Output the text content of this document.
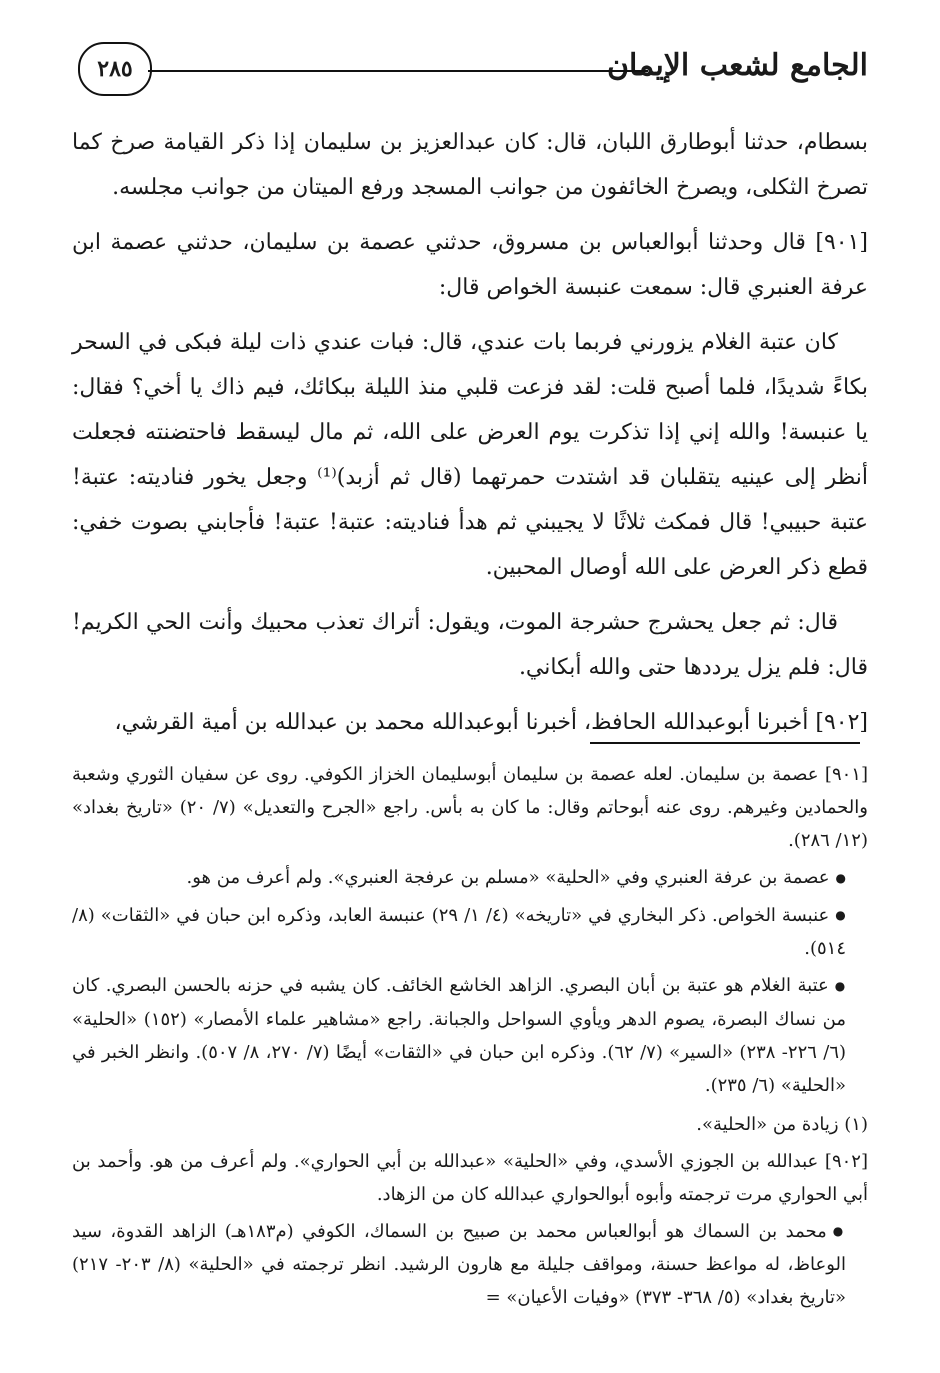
الجامع لشعب الإيمان
٢٨٥

بسطام، حدثنا أبوطارق اللبان، قال: كان عبدالعزيز بن سليمان إذا ذكر القيامة صرخ كما تصرخ الثكلى، ويصرخ الخائفون من جوانب المسجد ورفع الميتان من جوانب مجلسه.

[٩٠١] قال وحدثنا أبوالعباس بن مسروق، حدثني عصمة بن سليمان، حدثني عصمة ابن عرفة العنبري قال: سمعت عنبسة الخواص قال:

كان عتبة الغلام يزورني فربما بات عندي، قال: فبات عندي ذات ليلة فبكى في السحر بكاءً شديدًا، فلما أصبح قلت: لقد فزعت قلبي منذ الليلة ببكائك، فيم ذاك يا أخي؟ فقال: يا عنبسة! والله إني إذا تذكرت يوم العرض على الله، ثم مال ليسقط فاحتضنته فجعلت أنظر إلى عينيه يتقلبان قد اشتدت حمرتهما (قال ثم أزبد)⁽¹⁾ وجعل يخور فناديته: عتبة! عتبة حبيبي! قال فمكث ثلاثًا لا يجيبني ثم هدأ فناديته: عتبة! عتبة! فأجابني بصوت خفي: قطع ذكر العرض على الله أوصال المحبين.

قال: ثم جعل يحشرج حشرجة الموت، ويقول: أتراك تعذب محبيك وأنت الحي الكريم! قال: فلم يزل يرددها حتى والله أبكاني.

[٩٠٢] أخبرنا أبوعبدالله الحافظ، أخبرنا أبوعبدالله محمد بن عبدالله بن أمية القرشي،

[٩٠١] عصمة بن سليمان. لعله عصمة بن سليمان أبوسليمان الخزاز الكوفي. روى عن سفيان الثوري وشعبة والحمادين وغيرهم. روى عنه أبوحاتم وقال: ما كان به بأس. راجع «الجرح والتعديل» (٧/ ٢٠) «تاريخ بغداد» (١٢/ ٢٨٦).

● عصمة بن عرفة العنبري وفي «الحلية» «مسلم بن عرفجة العنبري». ولم أعرف من هو.

● عنبسة الخواص. ذكر البخاري في «تاريخه» (٤/ ١/ ٢٩) عنبسة العابد، وذكره ابن حبان في «الثقات» (٨/ ٥١٤).

● عتبة الغلام هو عتبة بن أبان البصري. الزاهد الخاشع الخائف. كان يشبه في حزنه بالحسن البصري. كان من نساك البصرة، يصوم الدهر ويأوي السواحل والجبانة. راجع «مشاهير علماء الأمصار» (١٥٢) «الحلية» (٦/ ٢٢٦- ٢٣٨) «السير» (٧/ ٦٢). وذكره ابن حبان في «الثقات» أيضًا (٧/ ٢٧٠، ٨/ ٥٠٧). وانظر الخبر في «الحلية» (٦/ ٢٣٥).

(١) زيادة من «الحلية».

[٩٠٢] عبدالله بن الجوزي الأسدي، وفي «الحلية» «عبدالله بن أبي الحواري». ولم أعرف من هو. وأحمد بن أبي الحواري مرت ترجمته وأبوه أبوالحواري عبدالله كان من الزهاد.

● محمد بن السماك هو أبوالعباس محمد بن صبيح بن السماك، الكوفي (م١٨٣هـ) الزاهد القدوة، سيد الوعاظ، له مواعظ حسنة، ومواقف جليلة مع هارون الرشيد. انظر ترجمته في «الحلية» (٨/ ٢٠٣- ٢١٧) «تاريخ بغداد» (٥/ ٣٦٨- ٣٧٣) «وفيات الأعيان» =
